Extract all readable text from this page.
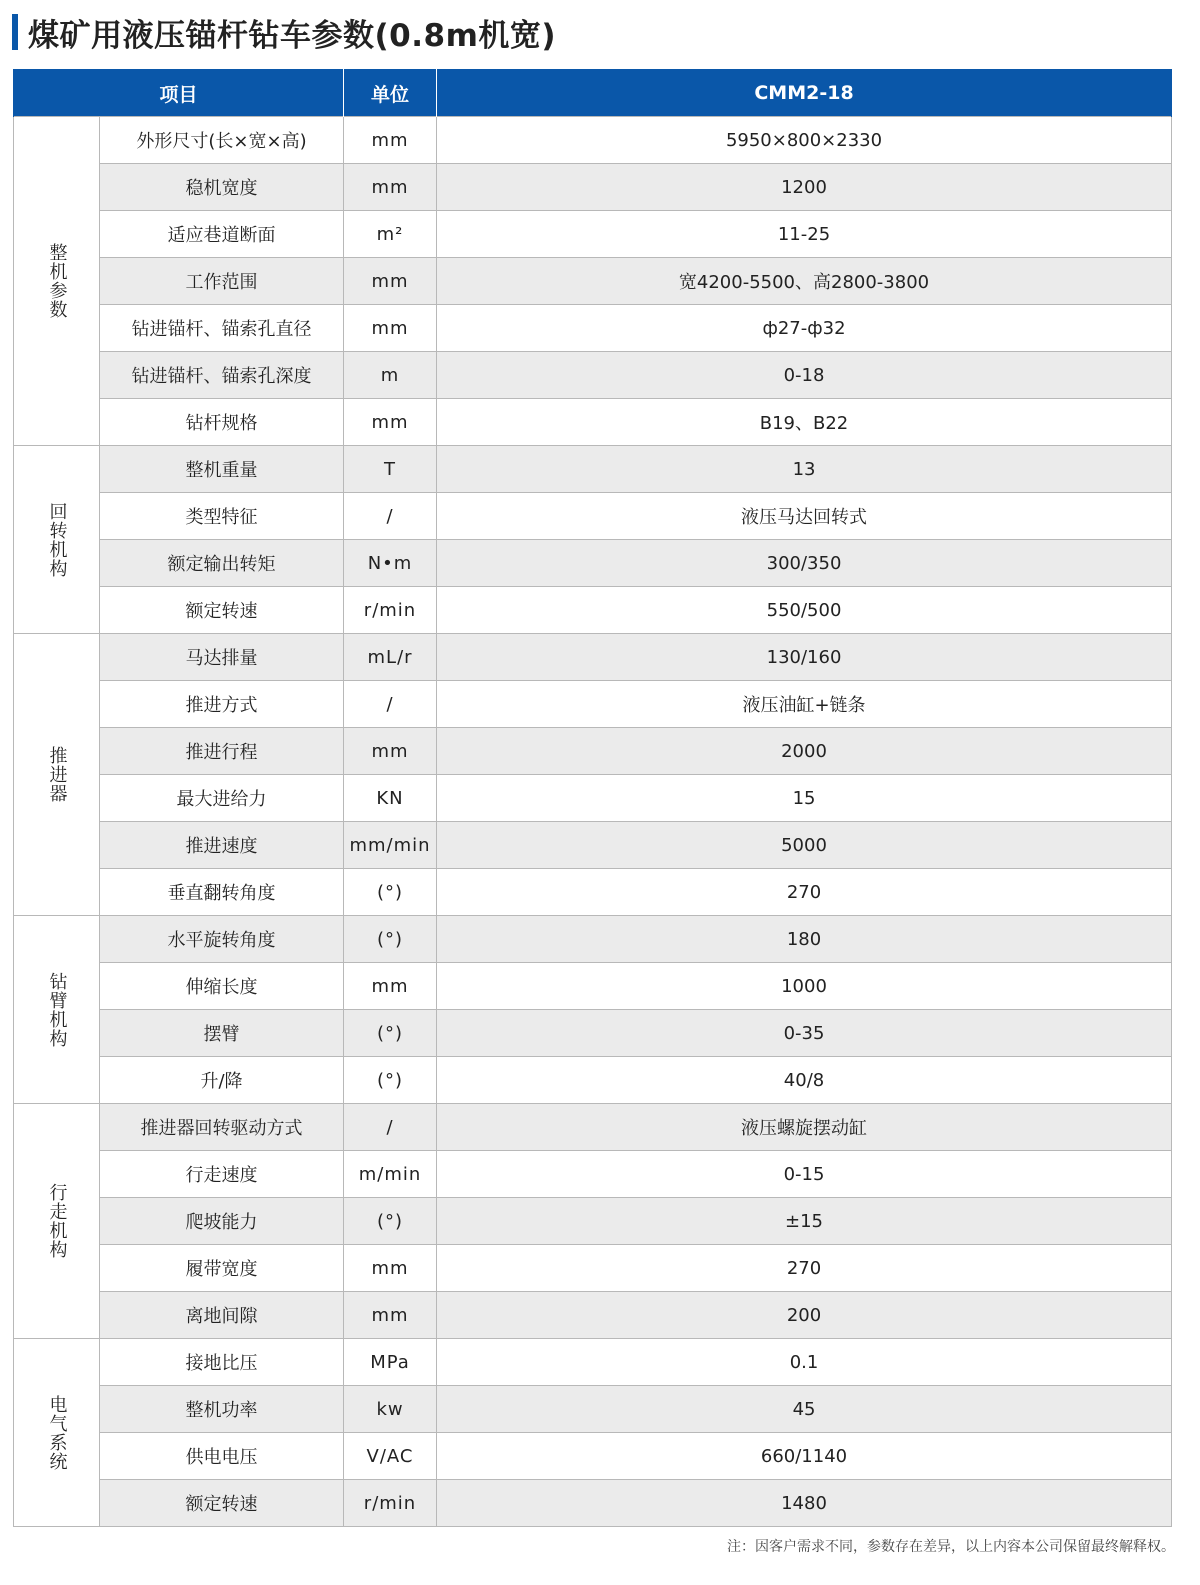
煤矿用液压锚杆钻车参数(0.8m机宽)
项目		单位	CMM2-18
整机参数	外形尺寸(长×宽×高)	mm	5950×800×2330
	稳机宽度	mm	1200
	适应巷道断面	m²	11-25
	工作范围	mm	宽4200-5500、高2800-3800
	钻进锚杆、锚索孔直径	mm	ф27-ф32
	钻进锚杆、锚索孔深度	m	0-18
	钻杆规格	mm	B19、B22
回转机构	整机重量	T	13
	类型特征	/	液压马达回转式
	额定输出转矩	N•m	300/350
	额定转速	r/min	550/500
推进器	马达排量	mL/r	130/160
	推进方式	/	液压油缸+链条
	推进行程	mm	2000
	最大进给力	KN	15
	推进速度	mm/min	5000
	垂直翻转角度	(°)	270
钻臂机构	水平旋转角度	(°)	180
	伸缩长度	mm	1000
	摆臂	(°)	0-35
	升/降	(°)	40/8
行走机构	推进器回转驱动方式	/	液压螺旋摆动缸
	行走速度	m/min	0-15
	爬坡能力	(°)	±15
	履带宽度	mm	270
	离地间隙	mm	200
电气系统	接地比压	MPa	0.1
	整机功率	kw	45
	供电电压	V/AC	660/1140
	额定转速	r/min	1480
注：因客户需求不同，参数存在差异，以上内容本公司保留最终解释权。
